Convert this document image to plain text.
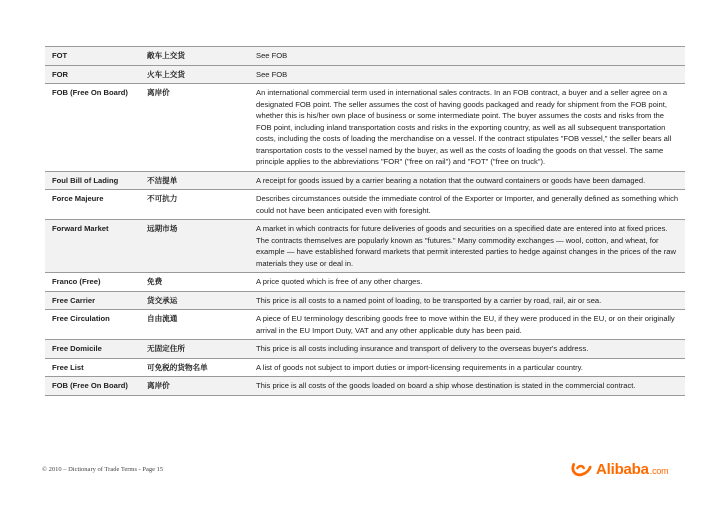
FOT	敞车上交货	See FOB
FOR	火车上交货	See FOB
FOB (Free On Board)	离岸价	An international commercial term used in international sales contracts. In an FOB contract, a buyer and a seller agree on a designated FOB point. The seller assumes the cost of having goods packaged and ready for shipment from the FOB point, whether this is his/her own place of business or some intermediate point. The buyer assumes the costs and risks from the FOB point, including inland transportation costs and risks in the exporting country, as well as all subsequent transportation costs, including the costs of loading the merchandise on a vessel. If the contract stipulates "FOB vessel," the seller bears all transportation costs to the vessel named by the buyer, as well as the costs of loading the goods on that vessel. The same principle applies to the abbreviations "FOR" ("free on rail") and "FOT" ("free on truck").
Foul Bill of Lading	不洁提单	A receipt for goods issued by a carrier bearing a notation that the outward containers or goods have been damaged.
Force Majeure	不可抗力	Describes circumstances outside the immediate control of the Exporter or Importer, and generally defined as something which could not have been anticipated even with foresight.
Forward Market	远期市场	A market in which contracts for future deliveries of goods and securities on a specified date are entered into at fixed prices. The contracts themselves are popularly known as "futures." Many commodity exchanges — wool, cotton, and wheat, for example — have established forward markets that permit interested parties to hedge against changes in the prices of the raw materials they use or deal in.
Franco (Free)	免费	A price quoted which is free of any other charges.
Free Carrier	货交承运	This price is all costs to a named point of loading, to be transported by a carrier by road, rail, air or sea.
Free Circulation	自由流通	A piece of EU terminology describing goods free to move within the EU, if they were produced in the EU, or on their originally arrival in the EU Import Duty, VAT and any other applicable duty has been paid.
Free Domicile	无固定住所	This price is all costs including insurance and transport of delivery to the overseas buyer's address.
Free List	可免税的货物名单	A list of goods not subject to import duties or import-licensing requirements in a particular country.
FOB (Free On Board)	离岸价	This price is all costs of the goods loaded on board a ship whose destination is stated in the commercial contract.
© 2010 – Dictionary of Trade Terms - Page 15	Alibaba.com
